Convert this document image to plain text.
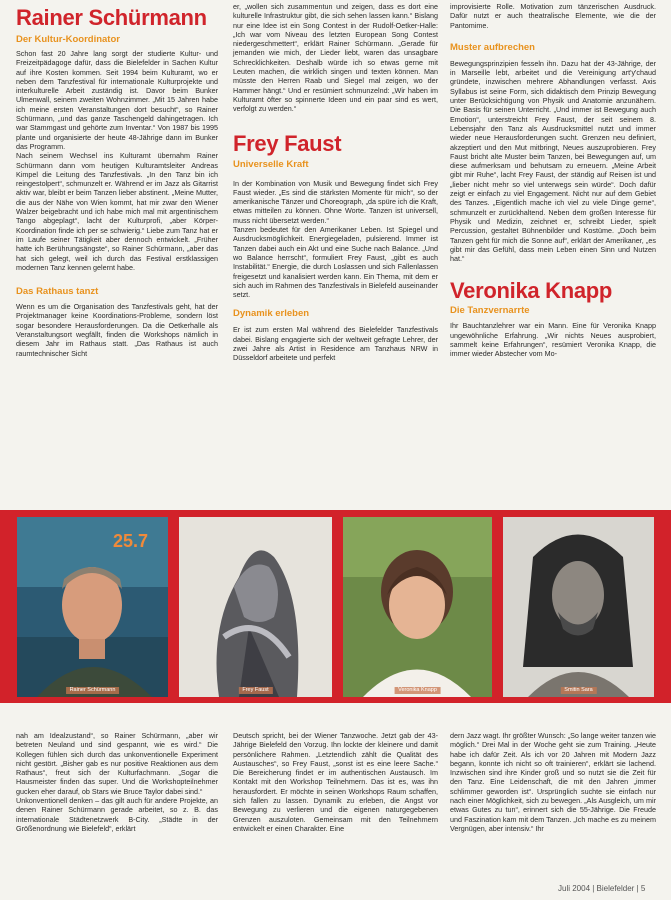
Rainer Schürmann
Der Kultur-Koordinator

Schon fast 20 Jahre lang sorgt der studierte Kultur- und Freizeitpädagoge dafür, dass die Bielefelder in Sachen Kultur auf ihre Kosten kommen. Seit 1994 beim Kulturamt, wo er neben dem Tanzfestival für internationale Kulturprojekte und interkulturelle Arbeit zuständig ist. Davor beim Bunker Ulmenwall, seinem zweiten Wohnzimmer. „Mit 15 Jahren habe ich meine ersten Veranstaltungen dort besucht“, so Rainer Schürmann, „und das ganze Taschengeld dahingetragen. Ich war Stammgast und gehörte zum Inventar.“ Von 1987 bis 1995 plante und organisierte der heute 48-Jährige dann im Bunker das Programm.

Nach seinem Wechsel ins Kulturamt übernahm Rainer Schürmann dann vom heutigen Kulturamtsleiter Andreas Kimpel die Leitung des Tanzfestivals. „In den Tanz bin ich reingestolpert“, schmunzelt er. Während er im Jazz als Gitarrist aktiv war, bleibt er beim Tanzen lieber abstinent. „Meine Mutter, die aus der Nähe von Wien kommt, hat mir zwar den Wiener Walzer beigebracht und ich habe mich mal mit argentinischem Tango abgeplagt“, lacht der Kulturprofi, „aber Körper-Koordination finde ich per se schwierig.“ Liebe zum Tanz hat er im Laufe seiner Tätigkeit aber dennoch entwickelt. „Früher hatte ich Berührungsängste“, so Rainer Schürmann, „aber das hat sich gelegt, weil ich durch das Festival erstklassigen modernen Tanz kennen gelernt habe.

Das Rathaus tanzt

Wenn es um die Organisation des Tanzfestivals geht, hat der Projektmanager keine Koordinations-Probleme, sondern löst sogar besondere Herausforderungen. Da die Oetkerhalle als Veranstaltungsort wegfällt, finden die Workshops nämlich in diesem Jahr im Rathaus statt. „Das Rathaus ist auch raumtechnischer Sicht

er, „wollen sich zusammentun und zeigen, dass es dort eine kulturelle Infrastruktur gibt, die sich sehen lassen kann.“ Bislang nur eine Idee ist ein Song Contest in der Rudolf-Oetker-Halle: „Ich war vom Niveau des letzten European Song Contest niedergeschmettert“, erklärt Rainer Schürmann. „Gerade für jemanden wie mich, der Lieder liebt, waren das unsagbare Schrecklichkeiten. Deshalb würde ich so etwas gerne mit Leuten machen, die wirklich singen und texten können. Man müsste den Herren Raab und Siegel mal zeigen, wo der Hammer hängt.“ Und er resümiert schmunzelnd: „Wir haben im Kulturamt öfter so spinnerte Ideen und ein paar sind es wert, verfolgt zu werden.“

Frey Faust
Universelle Kraft

In der Kombination von Musik und Bewegung findet sich Frey Faust wieder. „Es sind die stärksten Momente für mich“, so der amerikanische Tänzer und Choreograph, „da spüre ich die Kraft, etwas mitteilen zu können. Ohne Worte. Tanzen ist universell, muss nicht übersetzt werden.“

Tanzen bedeutet für den Amerikaner Leben. Ist Spiegel und Ausdrucksmöglichkeit. Energiegeladen, pulsierend. Immer ist Tanzen dabei auch ein Akt und eine Suche nach Balance. „Und wo Balance herrscht“, formuliert Frey Faust, „gibt es auch Instabilität.“ Energie, die durch Loslassen und sich Fallenlassen freigesetzt und kanalisiert werden kann. Ein Thema, mit dem er sich auch im Rahmen des Tanzfestivals in Bielefeld auseinander setzt.

Dynamik erleben

Er ist zum ersten Mal während des Bielefelder Tanzfestivals dabei. Bislang engagierte sich der weltweit gefragte Lehrer, der zwei Jahre als Artist in Residence am Tanzhaus NRW in Düsseldorf arbeitete und perfekt

improvisierte Rolle. Motivation zum tänzerischen Ausdruck. Dafür nutzt er auch theatralische Elemente, wie die der Pantomime.

Muster aufbrechen

Bewegungsprinzipien fesseln ihn. Dazu hat der 43-Jährige, der in Marseille lebt, arbeitet und die Vereinigung art'y'chaud gründete, inzwischen mehrere Abhandlungen verfasst. Axis Syllabus ist seine Form, sich didaktisch dem Prinzip Bewegung unter Berücksichtigung von Physik und Anatomie anzunähern. Die Basis für seinen Unterricht. „Und immer ist Bewegung auch Emotion“, unterstreicht Frey Faust, der seit seinem 8. Lebensjahr den Tanz als Ausdrucksmittel nutzt und immer wieder neue Herausforderungen sucht. Grenzen neu definiert, akzeptiert und den Mut mitbringt, Neues auszuprobieren. Frey Faust bricht alte Muster beim Tanzen, bei Bewegungen auf, um diese aufmerksam und behutsam zu erneuern. „Meine Arbeit gibt mir Ruhe“, lacht Frey Faust, der ständig auf Reisen ist und „lieber nicht mehr so viel unterwegs sein würde“. Doch dafür zeigt er einfach zu viel Engagement. Nicht nur auf dem Gebiet des Tanzes. „Eigentlich mache ich viel zu viele Dinge gerne“, schmunzelt er zurückhaltend. Neben dem großen Interesse für Physik und Medizin, zeichnet er, schreibt Lieder, spielt Percussion, gestaltet Bühnenbilder und Kostüme. „Doch beim Tanzen geht für mich die Sonne auf“, erklärt der Amerikaner, „es gibt mir das Gefühl, dass mein Leben einen Sinn und Nutzen hat.“

Veronika Knapp
Die Tanzvernarrte

Ihr Bauchtanzlehrer war ein Mann. Eine für Veronika Knapp ungewöhnliche Erfahrung. „Wir nichts Neues ausprobiert, sammelt keine Erfahrungen“, resümiert Veronika Knapp, die immer wieder Abstecher vom Mo-

25.7
Rainer Schürmann	Frey Faust	Veronika Knapp	Smitin Sara

nah am Idealzustand“, so Rainer Schürmann, „aber wir betreten Neuland und sind gespannt, wie es wird.“ Die Kollegen fühlen sich durch das unkonventionelle Experiment nicht gestört. „Bisher gab es nur positive Reaktionen aus dem Rathaus“, freut sich der Kulturfachmann. „Sogar die Hausmeister finden das super. Und die Workshopteilnehmer gucken eher darauf, ob Stars wie Bruce Taylor dabei sind.“

Unkonventionell denken – das gilt auch für andere Projekte, an denen Rainer Schürmann gerade arbeitet, so z. B. das internationale Städtenetzwerk B-City. „Städte in der Größenordnung wie Bielefeld“, erklärt

Deutsch spricht, bei der Wiener Tanzwoche. Jetzt gab der 43-Jährige Bielefeld den Vorzug. Ihn lockte der kleinere und damit persönlichere Rahmen. „Letztendlich zählt die Qualität des Austausches“, so Frey Faust, „sonst ist es eine leere Sache.“ Die Bereicherung findet er im authentischen Austausch. Im Kontakt mit den Workshop Teilnehmern. Das ist es, was ihn herausfordert. Er möchte in seinen Workshops Raum schaffen, sich fallen zu lassen. Dynamik zu erleben, die Angst vor Bewegung zu verlieren und die eigenen naturgegebenen Grenzen auszuloten. Gemeinsam mit den Teilnehmern entwickelt er einen Charakter. Eine

dern Jazz wagt. Ihr größter Wunsch: „So lange weiter tanzen wie möglich.“ Drei Mal in der Woche geht sie zum Training. „Heute habe ich dafür Zeit. Als ich vor 20 Jahren mit Modern Jazz begann, konnte ich nicht so oft trainieren“, erklärt sie lachend. Inzwischen sind ihre Kinder groß und so nutzt sie die Zeit für den Tanz. Eine Leidenschaft, die mit den Jahren „immer schlimmer geworden ist“. Ursprünglich suchte sie einfach nur nach einer Möglichkeit, sich zu bewegen. „Als Ausgleich, um mir etwas Gutes zu tun“, erinnert sich die 55-Jährige. Die Freude und Faszination kam mit dem Tanzen. „Ich mache es zu meinem Vergnügen, aber intensiv.“ Ihr

Juli 2004 | Bielefelder | 5
